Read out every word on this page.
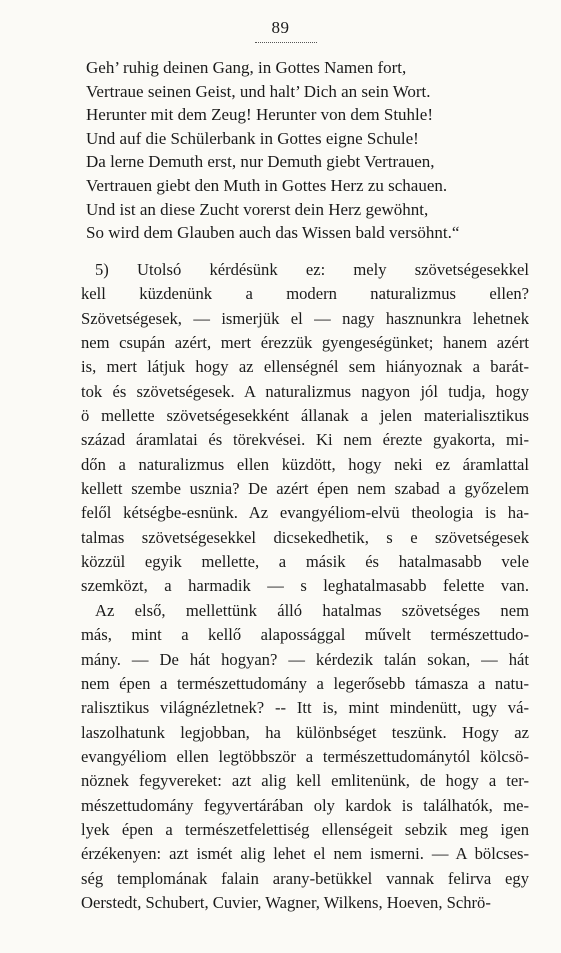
89
Geh’ ruhig deinen Gang, in Gottes Namen fort,
Vertraue seinen Geist, und halt’ Dich an sein Wort.
Herunter mit dem Zeug! Herunter von dem Stuhle!
Und auf die Schülerbank in Gottes eigne Schule!
Da lerne Demuth erst, nur Demuth giebt Vertrauen,
Vertrauen giebt den Muth in Gottes Herz zu schauen.
Und ist an diese Zucht vorerst dein Herz gewöhnt,
So wird dem Glauben auch das Wissen bald versöhnt.“
5) Utolsó kérdésünk ez: mely szövetségesekkel
kell küzdenünk a modern naturalizmus ellen?
Szövetségesek, — ismerjük el — nagy hasznunkra lehetnek
nem csupán azért, mert érezzük gyengeségünket; hanem azért
is, mert látjuk hogy az ellenségnél sem hiányoznak a barát-
tok és szövetségesek. A naturalizmus nagyon jól tudja, hogy
ö mellette szövetségesekként állanak a jelen materialisztikus
század áramlatai és törekvései. Ki nem érezte gyakorta, mi-
dőn a naturalizmus ellen küzdött, hogy neki ez áramlattal
kellett szembe usznia? De azért épen nem szabad a győzelem
felől kétségbe-esnünk. Az evangyéliom-elvü theologia is ha-
talmas szövetségesekkel dicsekedhetik, s e szövetségesek
közzül egyik mellette, a másik és hatalmasabb vele
szemközt, a harmadik — s leghatalmasabb felette van.
Az első, mellettünk álló hatalmas szövetséges nem
más, mint a kellő alapossággal művelt természettudo-
mány. — De hát hogyan? — kérdezik talán sokan, — hát
nem épen a természettudomány a legerősebb támasza a natu-
ralisztikus világnézletnek? -- Itt is, mint mindenütt, ugy vá-
laszolhatunk legjobban, ha különbséget teszünk. Hogy az
evangyéliom ellen legtöbbször a természettudománytól kölcsö-
nöznek fegyvereket: azt alig kell emlitenünk, de hogy a ter-
mészettudomány fegyvertárában oly kardok is találhatók, me-
lyek épen a természetfelettiség ellenségeit sebzik meg igen
érzékenyen: azt ismét alig lehet el nem ismerni. — A bölcses-
ség templomának falain arany-betükkel vannak felirva egy
Oerstedt, Schubert, Cuvier, Wagner, Wilkens, Hoeven, Schrö-
